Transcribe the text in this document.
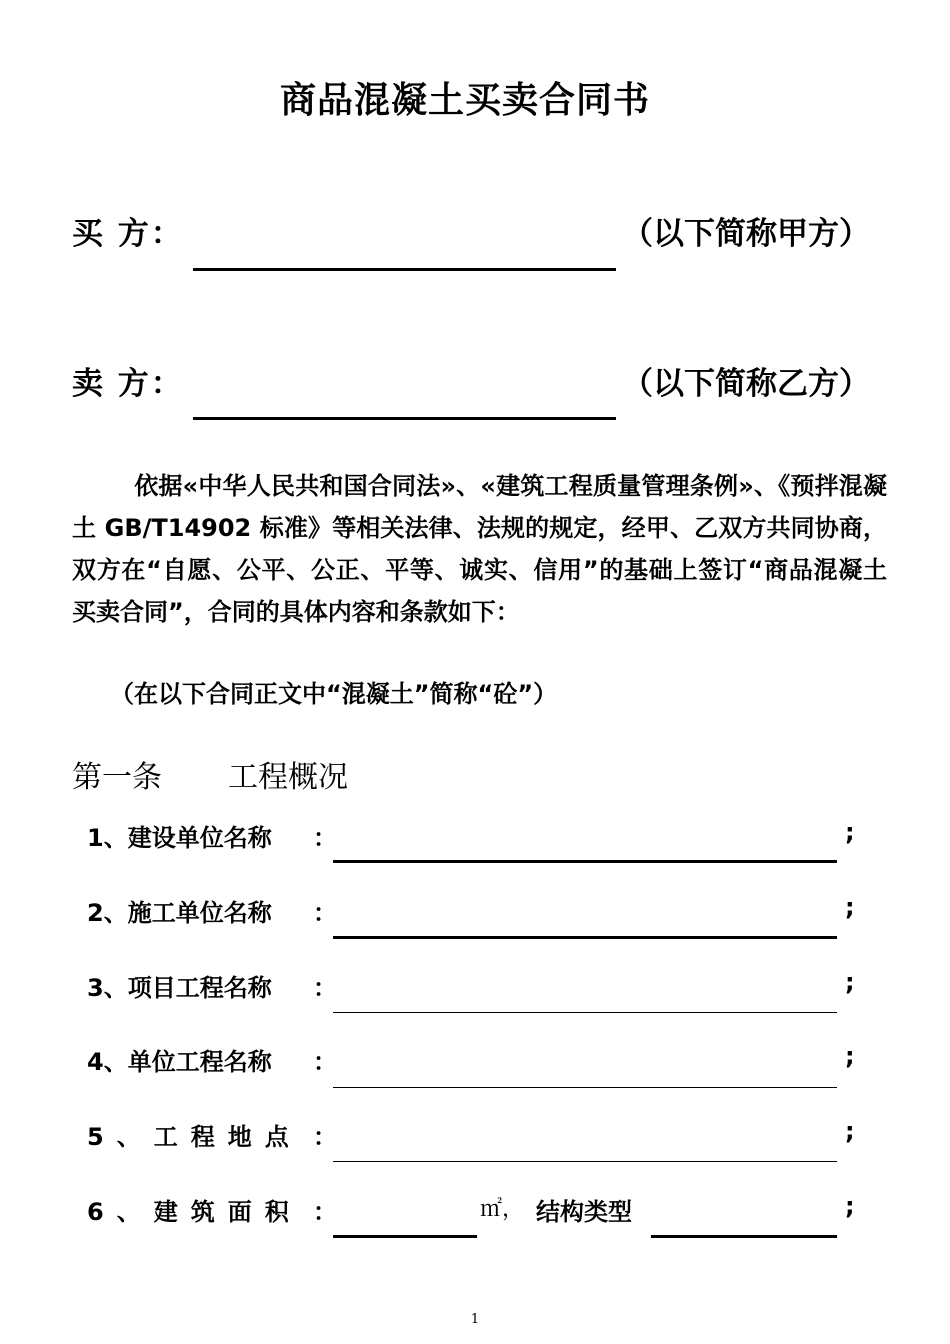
商品混凝土买卖合同书
买 方：	（以下简称甲方）
卖 方：	（以下简称乙方）
依据«中华人民共和国合同法»、«建筑工程质量管理条例»、《预拌混凝土 GB/T14902 标准》等相关法律、法规的规定，经甲、乙双方共同协商，双方在“自愿、公平、公正、平等、诚实、信用”的基础上签订“商品混凝土买卖合同”，合同的具体内容和条款如下：
（在以下合同正文中“混凝土”简称“砼”）
第一条 工程概况
1、建设单位名称 ：	;
2、施工单位名称 ：	;
3、项目工程名称 ：	;
4、单位工程名称 ：	;
5、工程地点 ：	;
6、建筑面积 ：	㎡， 结构类型	;
1
